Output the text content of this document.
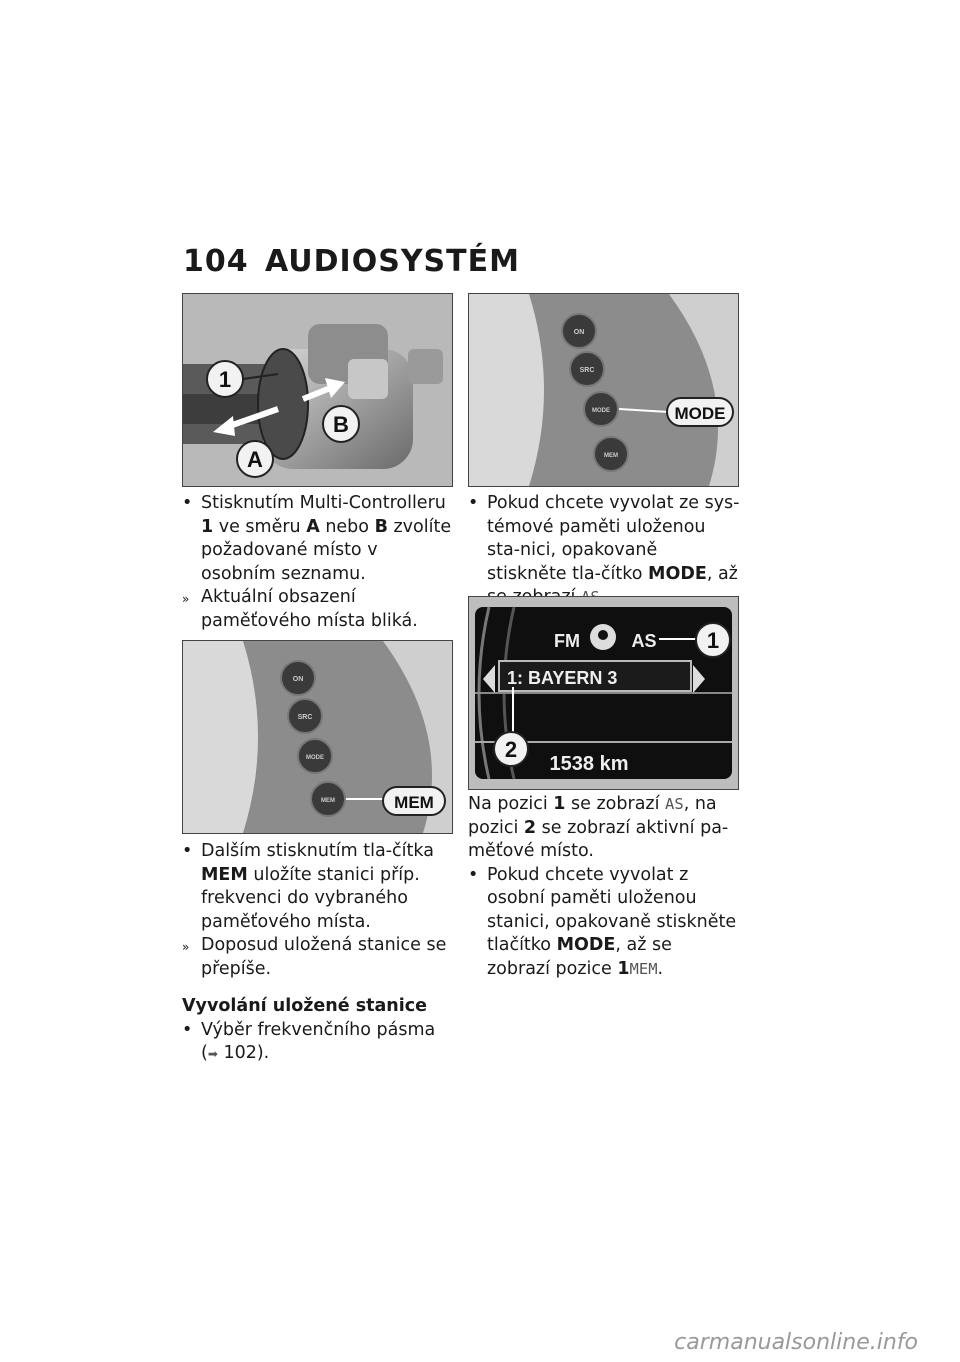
104 AUDIOSYSTÉM
1
B
A
ON
SRC
MODE
MEM
MODE
• Stisknutím Multi-Controlleru 1 ve směru A nebo B zvolíte požadované místo v osobním seznamu.
» Aktuální obsazení paměťového místa bliká.
ON
SRC
MODE
MEM	MEM
• Dalším stisknutím tla-čítka MEM uložíte stanici příp. frekvenci do vybraného paměťového místa.
» Doposud uložená stanice se přepíše.
Vyvolání uložené stanice
• Výběr frekvenčního pásma
(➡ 102).
• Pokud chcete vyvolat ze sys-témové paměti uloženou sta-nici, opakovaně stiskněte tla-čítko MODE, až
FM	AS
1: BAYERN 3
1538 km
1
2
Na pozici 1 se zobrazí AS, na pozici 2 se zobrazí aktivní pa-měťové místo.
• Pokud chcete vyvolat z osobní paměti uloženou stanici, opakovaně stiskněte tlačítko MODE, až se zobrazí pozice 1MEM.
carmanualsonline.info
